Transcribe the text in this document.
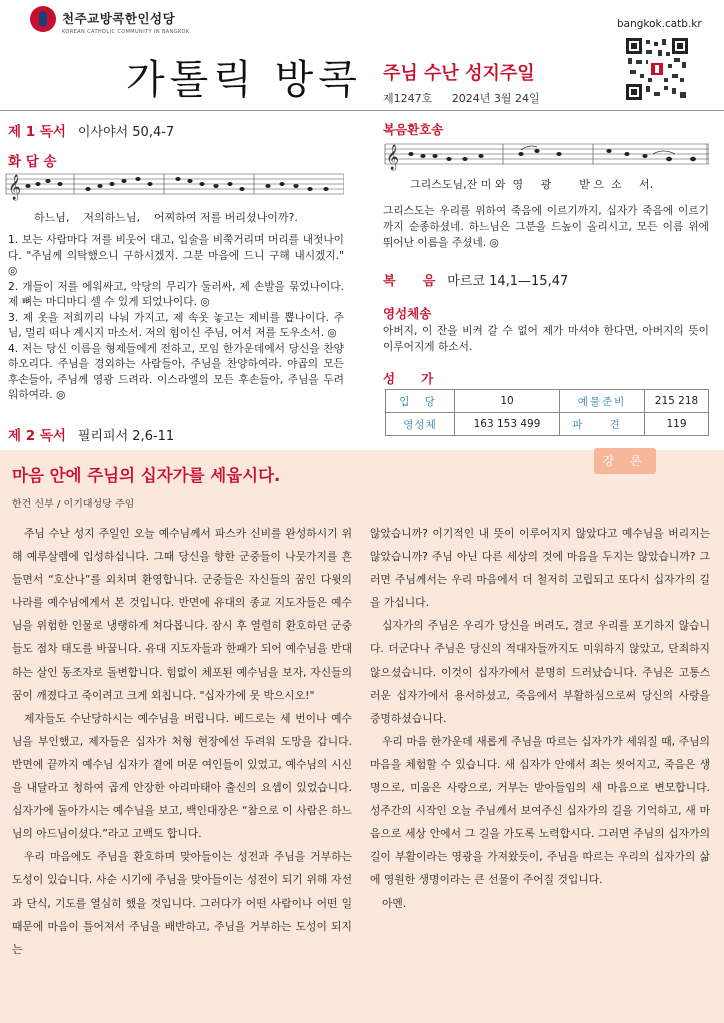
천주교방콕한인성당
KOREAN CATHOLIC COMMUNITY IN BANGKOK
가톨릭 방콕 주님 수난 성지주일
제1247호 2024년 3월 24일
bangkok.catb.kr
제 1 독서 이사야서 50,4-7
화 답 송
𝄞
하느님,    저의하느님,    어찌하여 저를 버리셨나이까?.

1. 보는 사람마다 저를 비웃어 대고, 입술을 비쭉거리며 머리를 내젓나이다. "주님께 의탁했으니 구하시겠지. 그분 마음에 드니 구해 내시겠지." ◎

2. 개들이 저를 에워싸고, 악당의 무리가 둘러싸, 제 손발을 묶었나이다. 제 뼈는 마디마디 셀 수 있게 되었나이다. ◎

3. 제 옷을 저희끼리 나눠 가지고, 제 속옷 놓고는 제비를 뽑나이다. 주님, 멀리 떠나 계시지 마소서. 저의 힘이신 주님, 어서 저를 도우소서. ◎

4. 저는 당신 이름을 형제들에게 전하고, 모임 한가운데에서 당신을 찬양하오리다. 주님을 경외하는 사람들아, 주님을 찬양하여라. 야곱의 모든 후손들아, 주님께 영광 드려라. 이스라엘의 모든 후손들아, 주님을 두려워하여라. ◎

제 2 독서 필리피서 2,6-11
복음환호송
𝄞
그리스도님,잔 미 와  영     광        받 으  소     서.
그리스도는 우리를 위하여 죽음에 이르기까지, 십자가 죽음에 이르기까지 순종하셨네. 하느님은 그분을 드높이 올리시고, 모든 이름 위에 뛰어난 이름을 주셨네. ◎
복      음 마르코 14,1—15,47
영성체송
아버지, 이 잔을 비켜 갈 수 없어 제가 마셔야 한다면, 아버지의 뜻이 이루어지게 하소서.
성      가
입 당	10	예물준비	215 218
영성체	163 153 499	파 견	119
강 론
마음 안에 주님의 십자가를 세웁시다.
한건 신부 / 이기대성당 주임

주님 수난 성지 주일인 오늘 예수님께서 파스카 신비를 완성하시기 위해 예루살렘에 입성하십니다. 그때 당신을 향한 군중들이 나뭇가지를 흔들면서 “호산나”를 외치며 환영합니다. 군중들은 자신들의 꿈인 다윗의 나라를 예수님에게서 본 것입니다. 반면에 유대의 종교 지도자들은 예수님을 위험한 인물로 냉랭하게 쳐다봅니다. 잠시 후 열렬히 환호하던 군중들도 점차 태도를 바꿉니다. 유대 지도자들과 한패가 되어 예수님을 반대하는 살인 동조자로 돌변합니다. 힘없이 체포된 예수님을 보자, 자신들의 꿈이 깨졌다고 죽이려고 크게 외칩니다. "십자가에 못 박으시오!"

제자들도 수난당하시는 예수님을 버립니다. 베드로는 세 번이나 예수님을 부인했고, 제자들은 십자가 처형 현장에선 두려워 도망을 갑니다. 반면에 끝까지 예수님 십자가 곁에 머문 여인들이 있었고, 예수님의 시신을 내달라고 청하여 곱게 안장한 아리마태아 출신의 요셉이 있었습니다. 십자가에 돌아가시는 예수님을 보고, 백인대장은 “참으로 이 사람은 하느님의 아드님이셨다.”라고 고백도 합니다.

우리 마음에도 주님을 환호하며 맞아들이는 성전과 주님을 거부하는 도성이 있습니다. 사순 시기에 주님을 맞아들이는 성전이 되기 위해 자선과 단식, 기도를 열심히 했을 것입니다. 그러다가 어떤 사람이나 어떤 일 때문에 마음이 틀어져서 주님을 배반하고, 주님을 거부하는 도성이 되지는

않았습니까? 이기적인 내 뜻이 이루어지지 않았다고 예수님을 버리지는 않았습니까? 주님 아닌 다른 세상의 것에 마음을 두지는 않았습니까? 그러면 주님께서는 우리 마음에서 더 철저히 고립되고 또다시 십자가의 길을 가십니다.

십자가의 주님은 우리가 당신을 버려도, 결코 우리를 포기하지 않습니다. 더군다나 주님은 당신의 적대자들까지도 미워하지 않았고, 단죄하지 않으셨습니다. 이것이 십자가에서 분명히 드러났습니다. 주님은 고통스러운 십자가에서 용서하셨고, 죽음에서 부활하심으로써 당신의 사랑을 증명하셨습니다.

우리 마음 한가운데 새롭게 주님을 따르는 십자가가 세워질 때, 주님의 마음을 체험할 수 있습니다. 새 십자가 안에서 죄는 씻어지고, 죽음은 생명으로, 미움은 사랑으로, 거부는 받아들임의 새 마음으로 변모합니다. 성주간의 시작인 오늘 주님께서 보여주신 십자가의 길을 기억하고, 새 마음으로 세상 안에서 그 길을 가도록 노력합시다. 그러면 주님의 십자가의 길이 부활이라는 영광을 가져왔듯이, 주님을 따르는 우리의 십자가의 삶에 영원한 생명이라는 큰 선물이 주어질 것입니다.

아멘.
